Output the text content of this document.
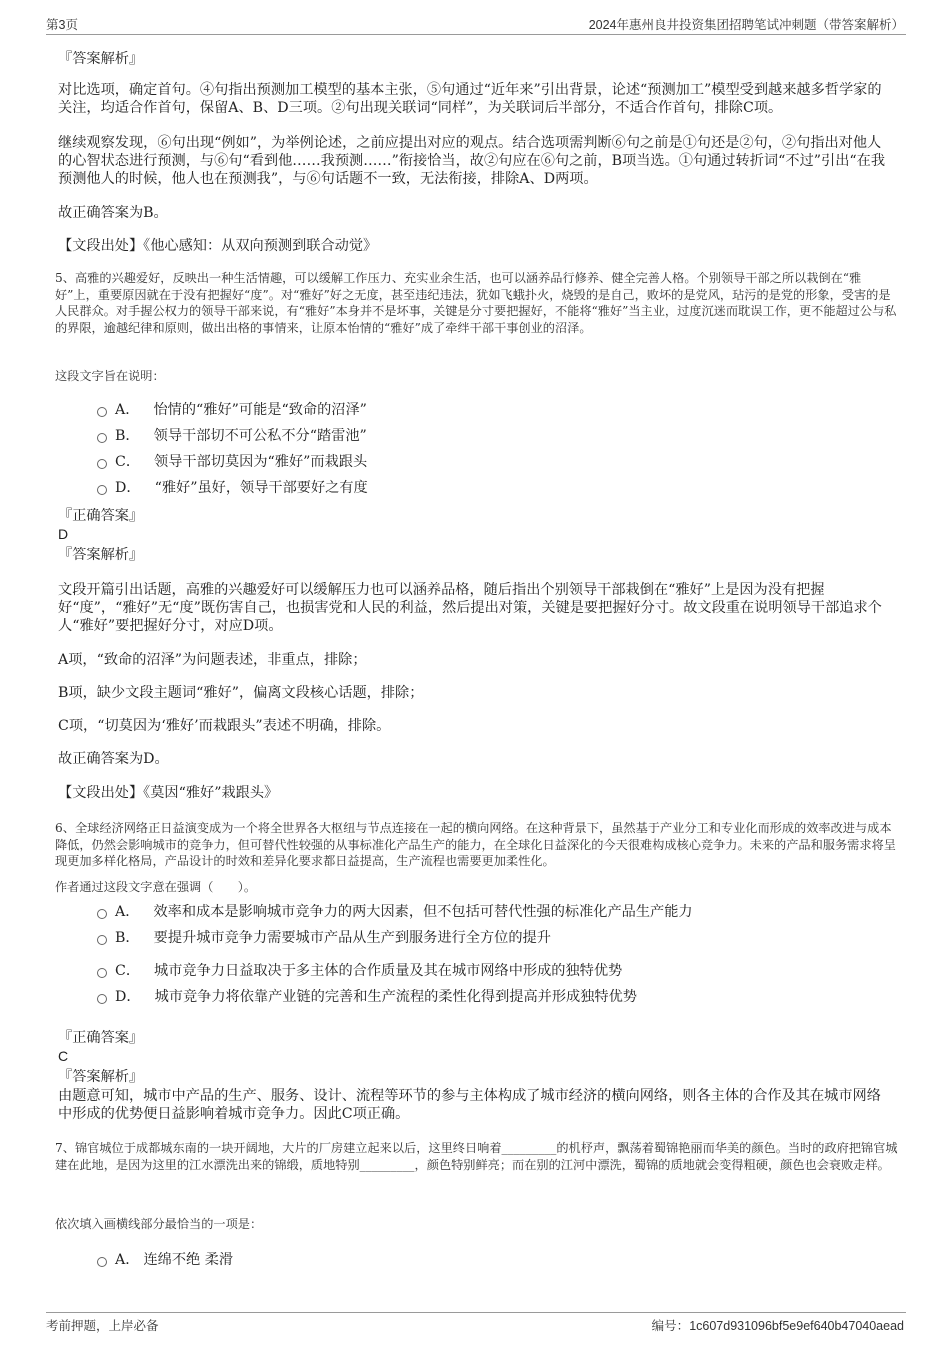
第3页	2024年惠州良井投资集团招聘笔试冲刺题（带答案解析）
『答案解析』
对比选项，确定首句。④句指出预测加工模型的基本主张，⑤句通过“近年来”引出背景，论述“预测加工”模型受到越来越多哲学家的关注，均适合作首句，保留A、B、D三项。②句出现关联词“同样”，为关联词后半部分，不适合作首句，排除C项。
继续观察发现，⑥句出现“例如”，为举例论述，之前应提出对应的观点。结合选项需判断⑥句之前是①句还是②句，②句指出对他人的心智状态进行预测，与⑥句“看到他……我预测……”衔接恰当，故②句应在⑥句之前，B项当选。①句通过转折词“不过”引出“在我预测他人的时候，他人也在预测我”，与⑥句话题不一致，无法衔接，排除A、D两项。
故正确答案为B。
【文段出处】《他心感知：从双向预测到联合动觉》
5、高雅的兴趣爱好，反映出一种生活情趣，可以缓解工作压力、充实业余生活，也可以涵养品行修养、健全完善人格。个别领导干部之所以栽倒在“雅好”上，重要原因就在于没有把握好“度”。对“雅好”好之无度，甚至违纪违法，犹如飞蛾扑火，烧毁的是自己，败坏的是党风，玷污的是党的形象，受害的是人民群众。对手握公权力的领导干部来说，有“雅好”本身并不是坏事，关键是分寸要把握好，不能将“雅好”当主业，过度沉迷而耽误工作，更不能超过公与私的界限，逾越纪律和原则，做出出格的事情来，让原本怡情的“雅好”成了牵绊干部干事创业的沼泽。
这段文字旨在说明：
A． 怡情的“雅好”可能是“致命的沼泽”
B． 领导干部切不可公私不分“踏雷池”
C． 领导干部切莫因为“雅好”而栽跟头
D． “雅好”虽好，领导干部要好之有度
『正确答案』
D
『答案解析』
文段开篇引出话题，高雅的兴趣爱好可以缓解压力也可以涵养品格，随后指出个别领导干部栽倒在“雅好”上是因为没有把握好“度”，“雅好”无“度”既伤害自己，也损害党和人民的利益，然后提出对策，关键是要把握好分寸。故文段重在说明领导干部追求个人“雅好”要把握好分寸，对应D项。
A项，“致命的沼泽”为问题表述，非重点，排除；
B项，缺少文段主题词“雅好”，偏离文段核心话题，排除；
C项，“切莫因为‘雅好’而栽跟头”表述不明确，排除。
故正确答案为D。
【文段出处】《莫因“雅好”栽跟头》
6、全球经济网络正日益演变成为一个将全世界各大枢纽与节点连接在一起的横向网络。在这种背景下，虽然基于产业分工和专业化而形成的效率改进与成本降低，仍然会影响城市的竞争力，但可替代性较强的从事标准化产品生产的能力，在全球化日益深化的今天很难构成核心竞争力。未来的产品和服务需求将呈现更加多样化格局，产品设计的时效和差异化要求都日益提高，生产流程也需要更加柔性化。
作者通过这段文字意在强调（　　）。
A． 效率和成本是影响城市竞争力的两大因素，但不包括可替代性强的标准化产品生产能力
B． 要提升城市竞争力需要城市产品从生产到服务进行全方位的提升
C． 城市竞争力日益取决于多主体的合作质量及其在城市网络中形成的独特优势
D． 城市竞争力将依靠产业链的完善和生产流程的柔性化得到提高并形成独特优势
『正确答案』
C
『答案解析』
由题意可知，城市中产品的生产、服务、设计、流程等环节的参与主体构成了城市经济的横向网络，则各主体的合作及其在城市网络中形成的优势便日益影响着城市竞争力。因此C项正确。
7、锦官城位于成都城东南的一块开阔地，大片的厂房建立起来以后，这里终日响着_________的机杼声，飘荡着蜀锦艳丽而华美的颜色。当时的政府把锦官城建在此地，是因为这里的江水漂洗出来的锦缎，质地特别_________，颜色特别鲜亮；而在别的江河中漂洗，蜀锦的质地就会变得粗硬，颜色也会衰败走样。
依次填入画横线部分最恰当的一项是：
A． 连绵不绝 柔滑
考前押题，上岸必备	编号：1c607d931096bf5e9ef640b47040aead
